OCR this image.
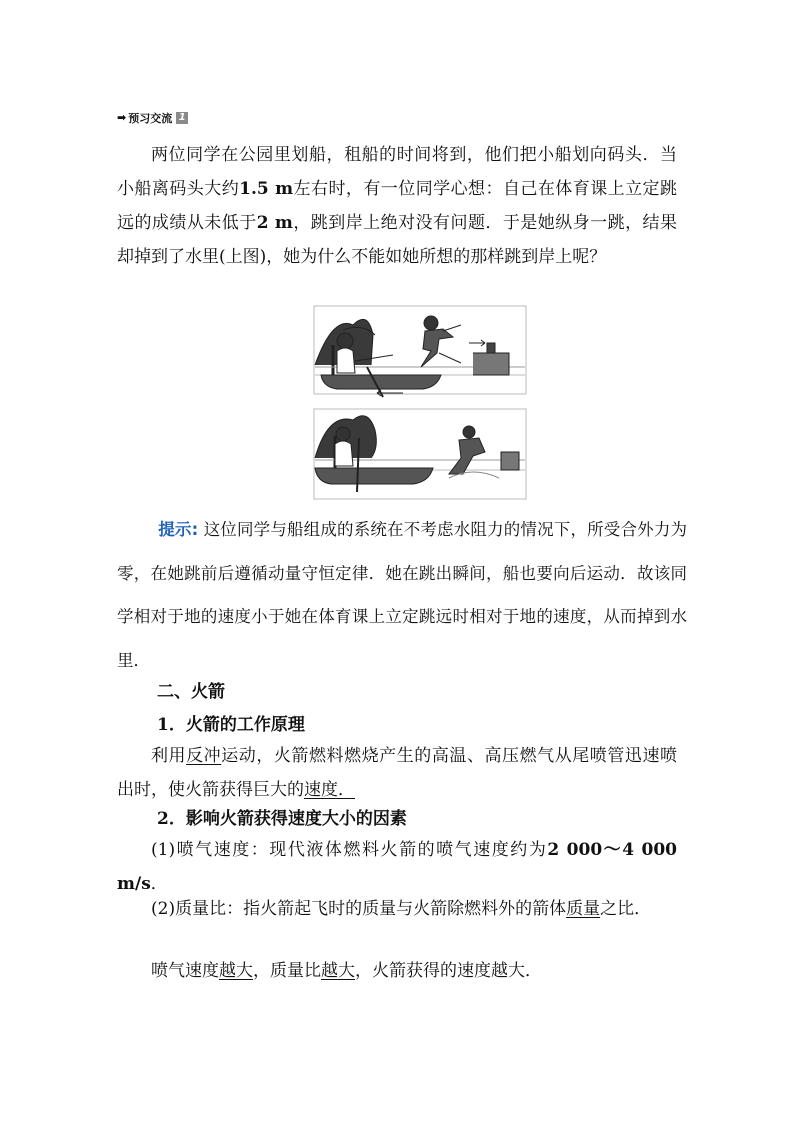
➡ 预习交流 1

两位同学在公园里划船，租船的时间将到，他们把小船划向码头．当小船离码头大约1.5 m左右时，有一位同学心想：自己在体育课上立定跳远的成绩从未低于2 m，跳到岸上绝对没有问题．于是她纵身一跳，结果却掉到了水里(上图)，她为什么不能如她所想的那样跳到岸上呢？

提示: 这位同学与船组成的系统在不考虑水阻力的情况下，所受合外力为零，在她跳前后遵循动量守恒定律．她在跳出瞬间，船也要向后运动．故该同学相对于地的速度小于她在体育课上立定跳远时相对于地的速度，从而掉到水里．

二、火箭

1．火箭的工作原理

利用反冲运动，火箭燃料燃烧产生的高温、高压燃气从尾喷管迅速喷出时，使火箭获得巨大的速度．

2．影响火箭获得速度大小的因素

(1)喷气速度：现代液体燃料火箭的喷气速度约为2 000～4 000 m/s．

(2)质量比：指火箭起飞时的质量与火箭除燃料外的箭体质量之比．

喷气速度越大，质量比越大，火箭获得的速度越大．
